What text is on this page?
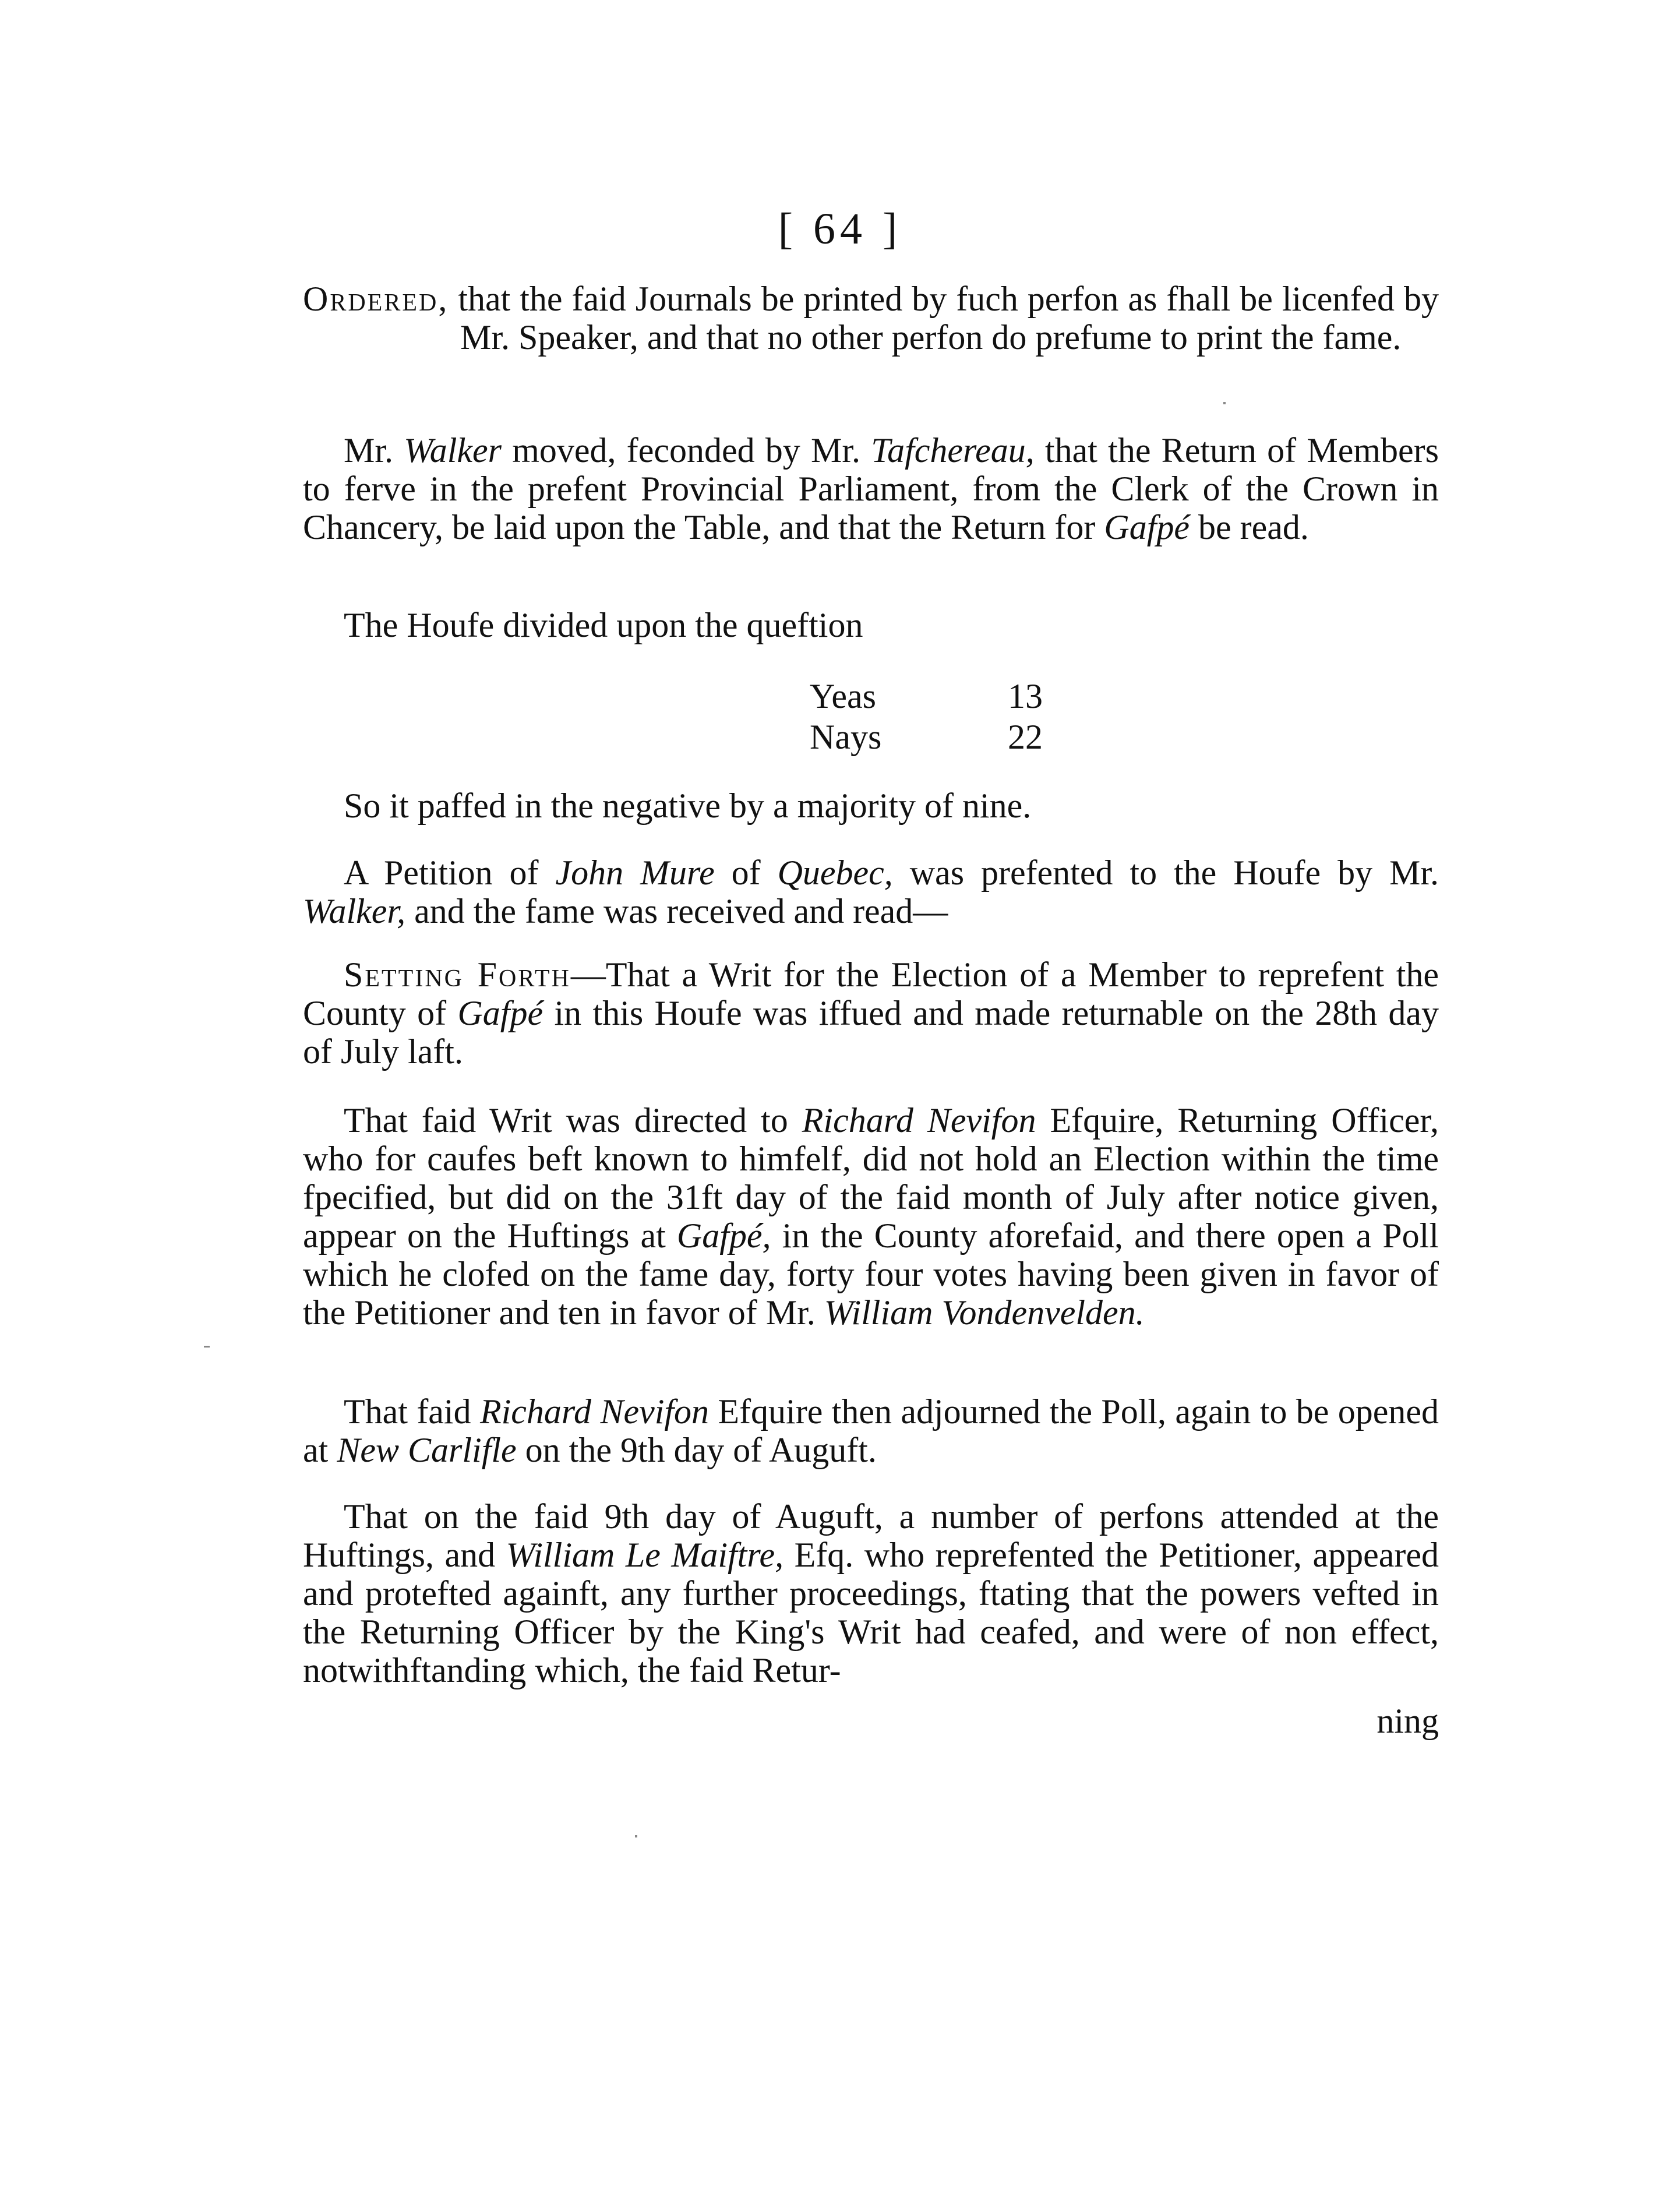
[ 64 ]

Ordered, that the faid Journals be printed by fuch perfon as fhall be licenfed by Mr. Speaker, and that no other perfon do prefume to print the fame.

Mr. Walker moved, feconded by Mr. Tafchereau, that the Return of Members to ferve in the prefent Provincial Parliament, from the Clerk of the Crown in Chancery, be laid upon the Table, and that the Return for Gafpé be read.

The Houfe divided upon the queftion

Yeas	13
Nays	22

So it paffed in the negative by a majority of nine.

A Petition of John Mure of Quebec, was prefented to the Houfe by Mr. Walker, and the fame was received and read—

Setting Forth—That a Writ for the Election of a Member to reprefent the County of Gafpé in this Houfe was iffued and made returnable on the 28th day of July laft.

That faid Writ was directed to Richard Nevifon Efquire, Returning Officer, who for caufes beft known to himfelf, did not hold an Election within the time fpecified, but did on the 31ft day of the faid month of July after notice given, appear on the Huftings at Gafpé, in the County aforefaid, and there open a Poll which he clofed on the fame day, forty four votes having been given in favor of the Petitioner and ten in favor of Mr. William Vondenvelden.

That faid Richard Nevifon Efquire then adjourned the Poll, again to be opened at New Carlifle on the 9th day of Auguft.

That on the faid 9th day of Auguft, a number of perfons attended at the Huftings, and William Le Maiftre, Efq. who reprefented the Petitioner, appeared and protefted againft, any further proceedings, ftating that the powers vefted in the Returning Officer by the King's Writ had ceafed, and were of non effect, notwithftanding which, the faid Retur-

ning
